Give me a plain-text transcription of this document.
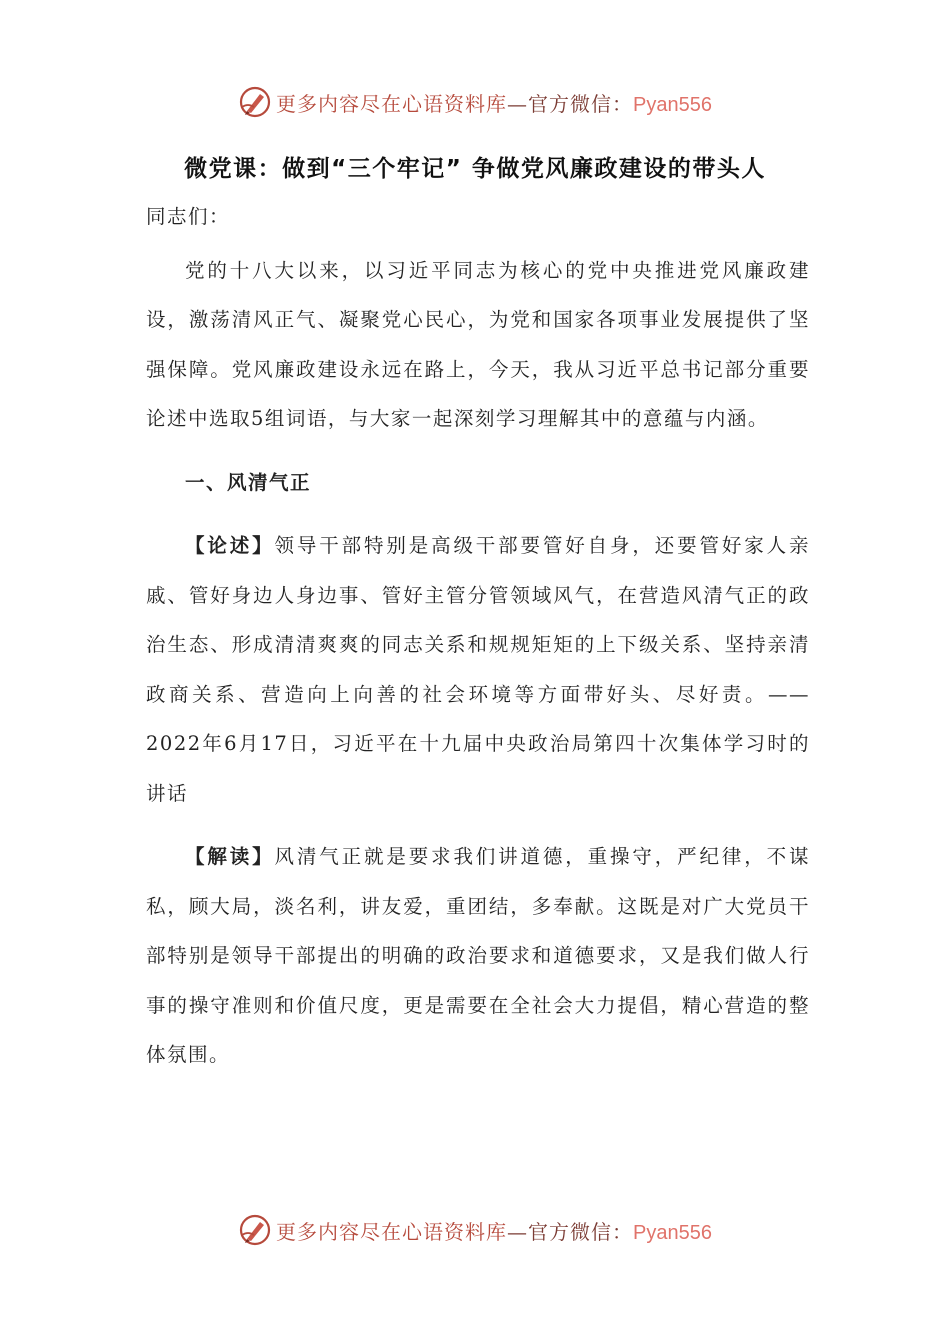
更多内容尽在心语资料库—官方微信：Pyan556
微党课：做到“三个牢记” 争做党风廉政建设的带头人

同志们：

党的十八大以来，以习近平同志为核心的党中央推进党风廉政建设，激荡清风正气、凝聚党心民心，为党和国家各项事业发展提供了坚强保障。党风廉政建设永远在路上，今天，我从习近平总书记部分重要论述中选取5组词语，与大家一起深刻学习理解其中的意蕴与内涵。

一、风清气正

【论述】领导干部特别是高级干部要管好自身，还要管好家人亲戚、管好身边人身边事、管好主管分管领域风气，在营造风清气正的政治生态、形成清清爽爽的同志关系和规规矩矩的上下级关系、坚持亲清政商关系、营造向上向善的社会环境等方面带好头、尽好责。——2022年6月17日，习近平在十九届中央政治局第四十次集体学习时的讲话

【解读】风清气正就是要求我们讲道德，重操守，严纪律，不谋私，顾大局，淡名利，讲友爱，重团结，多奉献。这既是对广大党员干部特别是领导干部提出的明确的政治要求和道德要求，又是我们做人行事的操守准则和价值尺度，更是需要在全社会大力提倡，精心营造的整体氛围。

更多内容尽在心语资料库—官方微信：Pyan556
